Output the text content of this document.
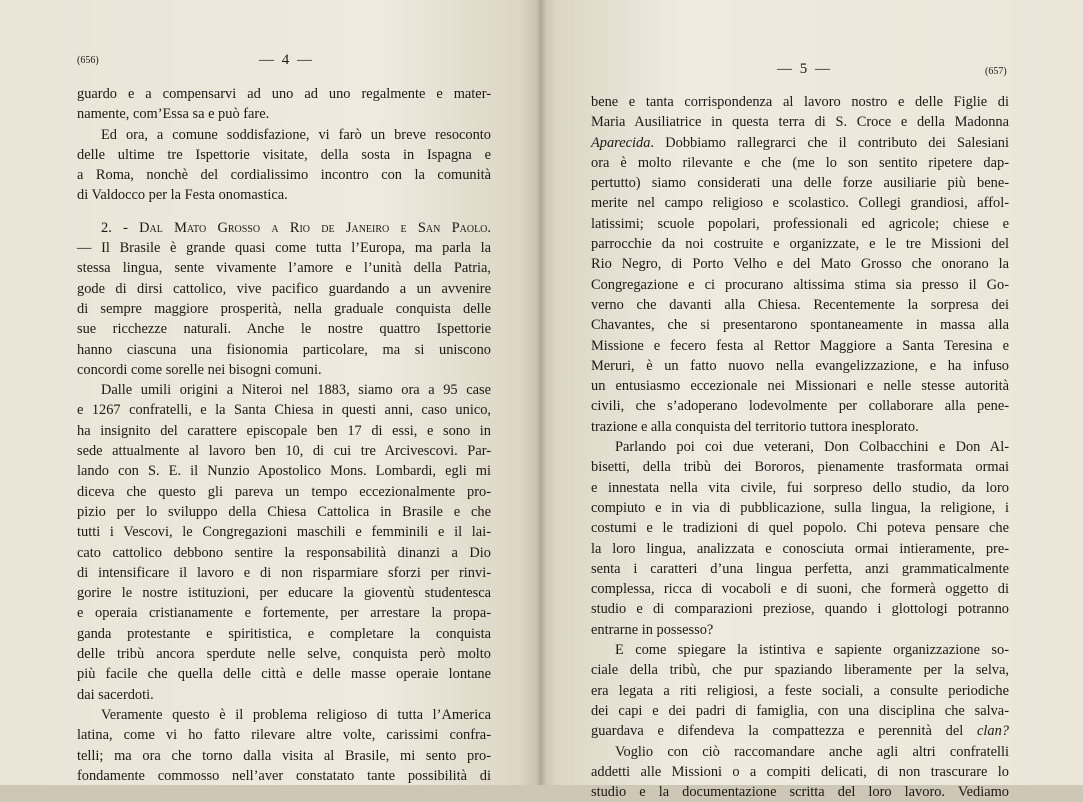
(656)	— 4 —
guardo e a compensarvi ad uno ad uno regalmente e mater-
namente, com’Essa sa e può fare.
Ed ora, a comune soddisfazione, vi farò un breve resoconto
delle ultime tre Ispettorie visitate, della sosta in Ispagna e
a Roma, nonchè del cordialissimo incontro con la comunità
di Valdocco per la Festa onomastica.
2. - Dal Mato Grosso a Rio de Janeiro e San Paolo.
— Il Brasile è grande quasi come tutta l’Europa, ma parla la
stessa lingua, sente vivamente l’amore e l’unità della Patria,
gode di dirsi cattolico, vive pacifico guardando a un avvenire
di sempre maggiore prosperità, nella graduale conquista delle
sue ricchezze naturali. Anche le nostre quattro Ispettorie
hanno ciascuna una fisionomia particolare, ma si uniscono
concordi come sorelle nei bisogni comuni.
Dalle umili origini a Niteroi nel 1883, siamo ora a 95 case
e 1267 confratelli, e la Santa Chiesa in questi anni, caso unico,
ha insignito del carattere episcopale ben 17 di essi, e sono in
sede attualmente al lavoro ben 10, di cui tre Arcivescovi. Par-
lando con S. E. il Nunzio Apostolico Mons. Lombardi, egli mi
diceva che questo gli pareva un tempo eccezionalmente pro-
pizio per lo sviluppo della Chiesa Cattolica in Brasile e che
tutti i Vescovi, le Congregazioni maschili e femminili e il lai-
cato cattolico debbono sentire la responsabilità dinanzi a Dio
di intensificare il lavoro e di non risparmiare sforzi per rinvi-
gorire le nostre istituzioni, per educare la gioventù studentesca
e operaia cristianamente e fortemente, per arrestare la propa-
ganda protestante e spiritistica, e completare la conquista
delle tribù ancora sperdute nelle selve, conquista però molto
più facile che quella delle città e delle masse operaie lontane
dai sacerdoti.
Veramente questo è il problema religioso di tutta l’America
latina, come vi ho fatto rilevare altre volte, carissimi confra-
telli; ma ora che torno dalla visita al Brasile, mi sento pro-
fondamente commosso nell’aver constatato tante possibilità di
— 5 —	(657)
bene e tanta corrispondenza al lavoro nostro e delle Figlie di
Maria Ausiliatrice in questa terra di S. Croce e della Madonna
Aparecida. Dobbiamo rallegrarci che il contributo dei Salesiani
ora è molto rilevante e che (me lo son sentito ripetere dap-
pertutto) siamo considerati una delle forze ausiliarie più bene-
merite nel campo religioso e scolastico. Collegi grandiosi, affol-
latissimi; scuole popolari, professionali ed agricole; chiese e
parrocchie da noi costruite e organizzate, e le tre Missioni del
Rio Negro, di Porto Velho e del Mato Grosso che onorano la
Congregazione e ci procurano altissima stima sia presso il Go-
verno che davanti alla Chiesa. Recentemente la sorpresa dei
Chavantes, che si presentarono spontaneamente in massa alla
Missione e fecero festa al Rettor Maggiore a Santa Teresina e
Meruri, è un fatto nuovo nella evangelizzazione, e ha infuso
un entusiasmo eccezionale nei Missionari e nelle stesse autorità
civili, che s’adoperano lodevolmente per collaborare alla pene-
trazione e alla conquista del territorio tuttora inesplorato.
Parlando poi coi due veterani, Don Colbacchini e Don Al-
bisetti, della tribù dei Bororos, pienamente trasformata ormai
e innestata nella vita civile, fui sorpreso dello studio, da loro
compiuto e in via di pubblicazione, sulla lingua, la religione, i
costumi e le tradizioni di quel popolo. Chi poteva pensare che
la loro lingua, analizzata e conosciuta ormai intieramente, pre-
senta i caratteri d’una lingua perfetta, anzi grammaticalmente
complessa, ricca di vocaboli e di suoni, che formerà oggetto di
studio e di comparazioni preziose, quando i glottologi potranno
entrarne in possesso?
E come spiegare la istintiva e sapiente organizzazione so-
ciale della tribù, che pur spaziando liberamente per la selva,
era legata a riti religiosi, a feste sociali, a consulte periodiche
dei capi e dei padri di famiglia, con una disciplina che salva-
guardava e difendeva la compattezza e perennità del clan?
Voglio con ciò raccomandare anche agli altri confratelli
addetti alle Missioni o a compiti delicati, di non trascurare lo
studio e la documentazione scritta del loro lavoro. Vediamo
